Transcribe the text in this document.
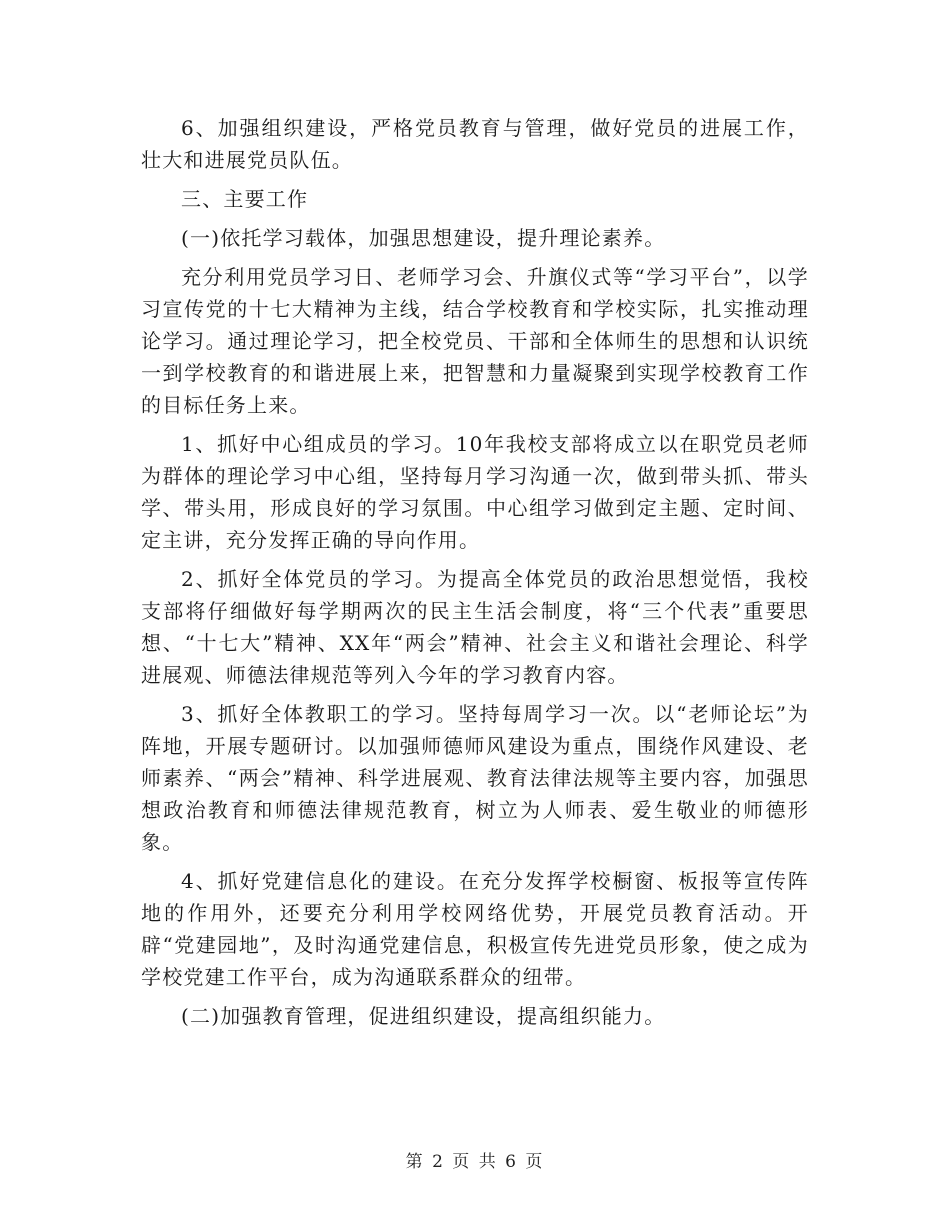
6、加强组织建设，严格党员教育与管理，做好党员的进展工作，壮大和进展党员队伍。

三、主要工作

(一)依托学习载体，加强思想建设，提升理论素养。

充分利用党员学习日、老师学习会、升旗仪式等“学习平台”，以学习宣传党的十七大精神为主线，结合学校教育和学校实际，扎实推动理论学习。通过理论学习，把全校党员、干部和全体师生的思想和认识统一到学校教育的和谐进展上来，把智慧和力量凝聚到实现学校教育工作的目标任务上来。

1、抓好中心组成员的学习。10年我校支部将成立以在职党员老师为群体的理论学习中心组，坚持每月学习沟通一次，做到带头抓、带头学、带头用，形成良好的学习氛围。中心组学习做到定主题、定时间、定主讲，充分发挥正确的导向作用。

2、抓好全体党员的学习。为提高全体党员的政治思想觉悟，我校支部将仔细做好每学期两次的民主生活会制度，将“三个代表”重要思想、“十七大”精神、XX年“两会”精神、社会主义和谐社会理论、科学进展观、师德法律规范等列入今年的学习教育内容。

3、抓好全体教职工的学习。坚持每周学习一次。以“老师论坛”为阵地，开展专题研讨。以加强师德师风建设为重点，围绕作风建设、老师素养、“两会”精神、科学进展观、教育法律法规等主要内容，加强思想政治教育和师德法律规范教育，树立为人师表、爱生敬业的师德形象。

4、抓好党建信息化的建设。在充分发挥学校橱窗、板报等宣传阵地的作用外，还要充分利用学校网络优势，开展党员教育活动。开辟“党建园地”，及时沟通党建信息，积极宣传先进党员形象，使之成为学校党建工作平台，成为沟通联系群众的纽带。

(二)加强教育管理，促进组织建设，提高组织能力。

第 2 页 共 6 页
